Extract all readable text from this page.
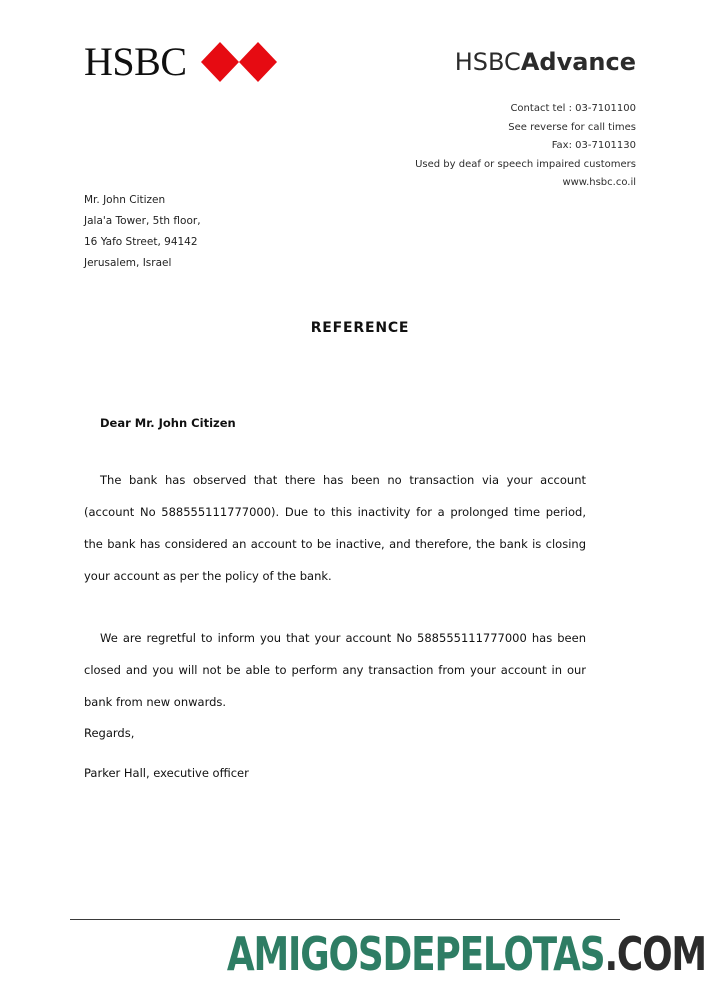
HSBC	HSBCAdvance
Contact tel : 03-7101100
See reverse for call times
Fax: 03-7101130
Used by deaf or speech impaired customers
www.hsbc.co.il
Mr. John Citizen
Jala'a Tower, 5th floor,
16 Yafo Street, 94142
Jerusalem, Israel
REFERENCE
Dear Mr. John Citizen

The bank has observed that there has been no transaction via your account (account No 588555111777000). Due to this inactivity for a prolonged time period, the bank has considered an account to be inactive, and therefore, the bank is closing your account as per the policy of the bank.

We are regretful to inform you that your account No 588555111777000 has been closed and you will not be able to perform any transaction from your account in our bank from new onwards.

Regards,
Parker Hall, executive officer
AMIGOSDEPELOTAS.COM
